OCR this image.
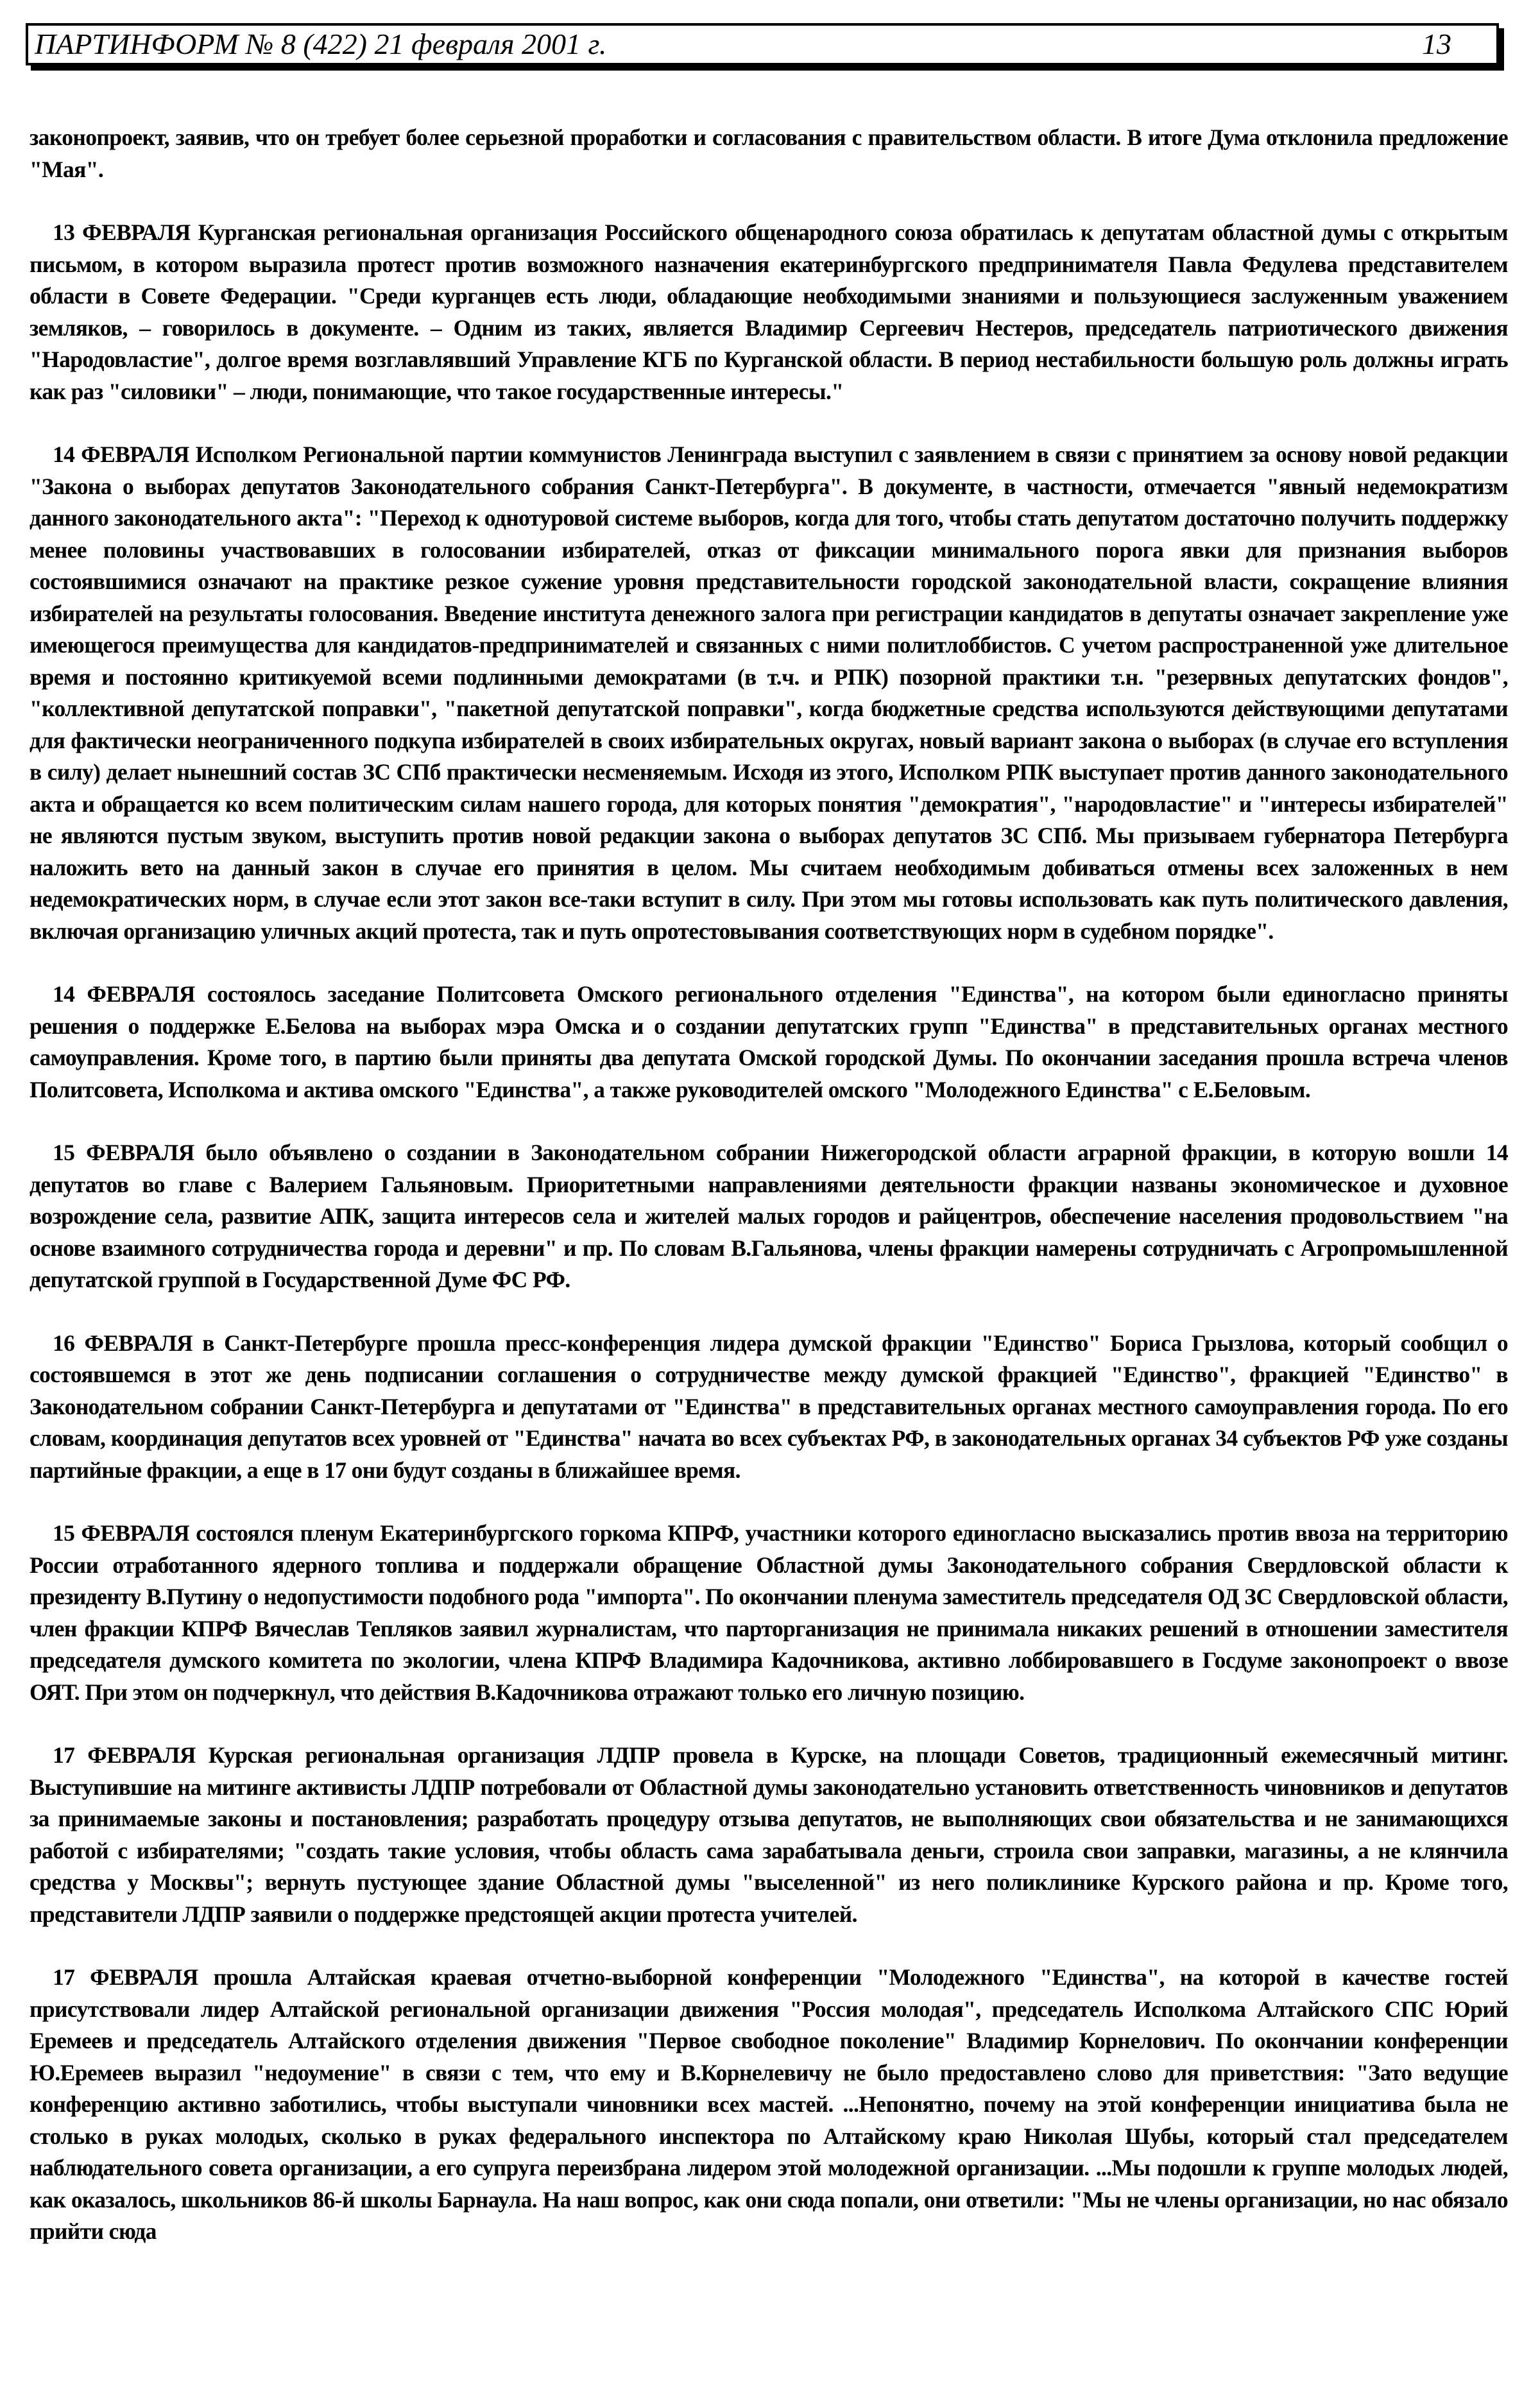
ПАРТИНФОРМ № 8 (422) 21 февраля 2001 г.	13

законопроект, заявив, что он требует более серьезной проработки и согласования с правительством области. В итоге Дума отклонила предложение "Мая".

13 ФЕВРАЛЯ Курганская региональная организация Российского общенародного союза обратилась к депутатам областной думы с открытым письмом, в котором выразила протест против возможного назначения екатеринбургского предпринимателя Павла Федулева представителем области в Совете Федерации. "Среди курганцев есть люди, обладающие необходимыми знаниями и пользующиеся заслуженным уважением земляков, – говорилось в документе. – Одним из таких, является Владимир Сергеевич Нестеров, председатель патриотического движения "Народовластие", долгое время возглавлявший Управление КГБ по Курганской области. В период нестабильности большую роль должны играть как раз "силовики" – люди, понимающие, что такое государственные интересы."

14 ФЕВРАЛЯ Исполком Региональной партии коммунистов Ленинграда выступил с заявлением в связи с принятием за основу новой редакции "Закона о выборах депутатов Законодательного собрания Санкт-Петербурга". В документе, в частности, отмечается "явный недемократизм данного законодательного акта": "Переход к однотуровой системе выборов, когда для того, чтобы стать депутатом достаточно получить поддержку менее половины участвовавших в голосовании избирателей, отказ от фиксации минимального порога явки для признания выборов состоявшимися означают на практике резкое сужение уровня представительности городской законодательной власти, сокращение влияния избирателей на результаты голосования. Введение института денежного залога при регистрации кандидатов в депутаты означает закрепление уже имеющегося преимущества для кандидатов-предпринимателей и связанных с ними политлоббистов. С учетом распространенной уже длительное время и постоянно критикуемой всеми подлинными демократами (в т.ч. и РПК) позорной практики т.н. "резервных депутатских фондов", "коллективной депутатской поправки", "пакетной депутатской поправки", когда бюджетные средства используются действующими депутатами для фактически неограниченного подкупа избирателей в своих избирательных округах, новый вариант закона о выборах (в случае его вступления в силу) делает нынешний состав ЗС СПб практически несменяемым. Исходя из этого, Исполком РПК выступает против данного законодательного акта и обращается ко всем политическим силам нашего города, для которых понятия "демократия", "народовластие" и "интересы избирателей" не являются пустым звуком, выступить против новой редакции закона о выборах депутатов ЗС СПб. Мы призываем губернатора Петербурга наложить вето на данный закон в случае его принятия в целом. Мы считаем необходимым добиваться отмены всех заложенных в нем недемократических норм, в случае если этот закон все-таки вступит в силу. При этом мы готовы использовать как путь политического давления, включая организацию уличных акций протеста, так и путь опротестовывания соответствующих норм в судебном порядке".

14 ФЕВРАЛЯ состоялось заседание Политсовета Омского регионального отделения "Единства", на котором были единогласно приняты решения о поддержке Е.Белова на выборах мэра Омска и о создании депутатских групп "Единства" в представительных органах местного самоуправления. Кроме того, в партию были приняты два депутата Омской городской Думы. По окончании заседания прошла встреча членов Политсовета, Исполкома и актива омского "Единства", а также руководителей омского "Молодежного Единства" с Е.Беловым.

15 ФЕВРАЛЯ было объявлено о создании в Законодательном собрании Нижегородской области аграрной фракции, в которую вошли 14 депутатов во главе с Валерием Гальяновым. Приоритетными направлениями деятельности фракции названы экономическое и духовное возрождение села, развитие АПК, защита интересов села и жителей малых городов и райцентров, обеспечение населения продовольствием "на основе взаимного сотрудничества города и деревни" и пр. По словам В.Гальянова, члены фракции намерены сотрудничать с Агропромышленной депутатской группой в Государственной Думе ФС РФ.

16 ФЕВРАЛЯ в Санкт-Петербурге прошла пресс-конференция лидера думской фракции "Единство" Бориса Грызлова, который сообщил о состоявшемся в этот же день подписании соглашения о сотрудничестве между думской фракцией "Единство", фракцией "Единство" в Законодательном собрании Санкт-Петербурга и депутатами от "Единства" в представительных органах местного самоуправления города. По его словам, координация депутатов всех уровней от "Единства" начата во всех субъектах РФ, в законодательных органах 34 субъектов РФ уже созданы партийные фракции, а еще в 17 они будут созданы в ближайшее время.

15 ФЕВРАЛЯ состоялся пленум Екатеринбургского горкома КПРФ, участники которого единогласно высказались против ввоза на территорию России отработанного ядерного топлива и поддержали обращение Областной думы Законодательного собрания Свердловской области к президенту В.Путину о недопустимости подобного рода "импорта". По окончании пленума заместитель председателя ОД ЗС Свердловской области, член фракции КПРФ Вячеслав Тепляков заявил журналистам, что парторганизация не принимала никаких решений в отношении заместителя председателя думского комитета по экологии, члена КПРФ Владимира Кадочникова, активно лоббировавшего в Госдуме законопроект о ввозе ОЯТ. При этом он подчеркнул, что действия В.Кадочникова отражают только его личную позицию.

17 ФЕВРАЛЯ Курская региональная организация ЛДПР провела в Курске, на площади Советов, традиционный ежемесячный митинг. Выступившие на митинге активисты ЛДПР потребовали от Областной думы законодательно установить ответственность чиновников и депутатов за принимаемые законы и постановления; разработать процедуру отзыва депутатов, не выполняющих свои обязательства и не занимающихся работой с избирателями; "создать такие условия, чтобы область сама зарабатывала деньги, строила свои заправки, магазины, а не клянчила средства у Москвы"; вернуть пустующее здание Областной думы "выселенной" из него поликлинике Курского района и пр. Кроме того, представители ЛДПР заявили о поддержке предстоящей акции протеста учителей.

17 ФЕВРАЛЯ прошла Алтайская краевая отчетно-выборной конференции "Молодежного "Единства", на которой в качестве гостей присутствовали лидер Алтайской региональной организации движения "Россия молодая", председатель Исполкома Алтайского СПС Юрий Еремеев и председатель Алтайского отделения движения "Первое свободное поколение" Владимир Корнелович. По окончании конференции Ю.Еремеев выразил "недоумение" в связи с тем, что ему и В.Корнелевичу не было предоставлено слово для приветствия: "Зато ведущие конференцию активно заботились, чтобы выступали чиновники всех мастей. ...Непонятно, почему на этой конференции инициатива была не столько в руках молодых, сколько в руках федерального инспектора по Алтайскому краю Николая Шубы, который стал председателем наблюдательного совета организации, а его супруга переизбрана лидером этой молодежной организации. ...Мы подошли к группе молодых людей, как оказалось, школьников 86-й школы Барнаула. На наш вопрос, как они сюда попали, они ответили: "Мы не члены организации, но нас обязало прийти сюда
